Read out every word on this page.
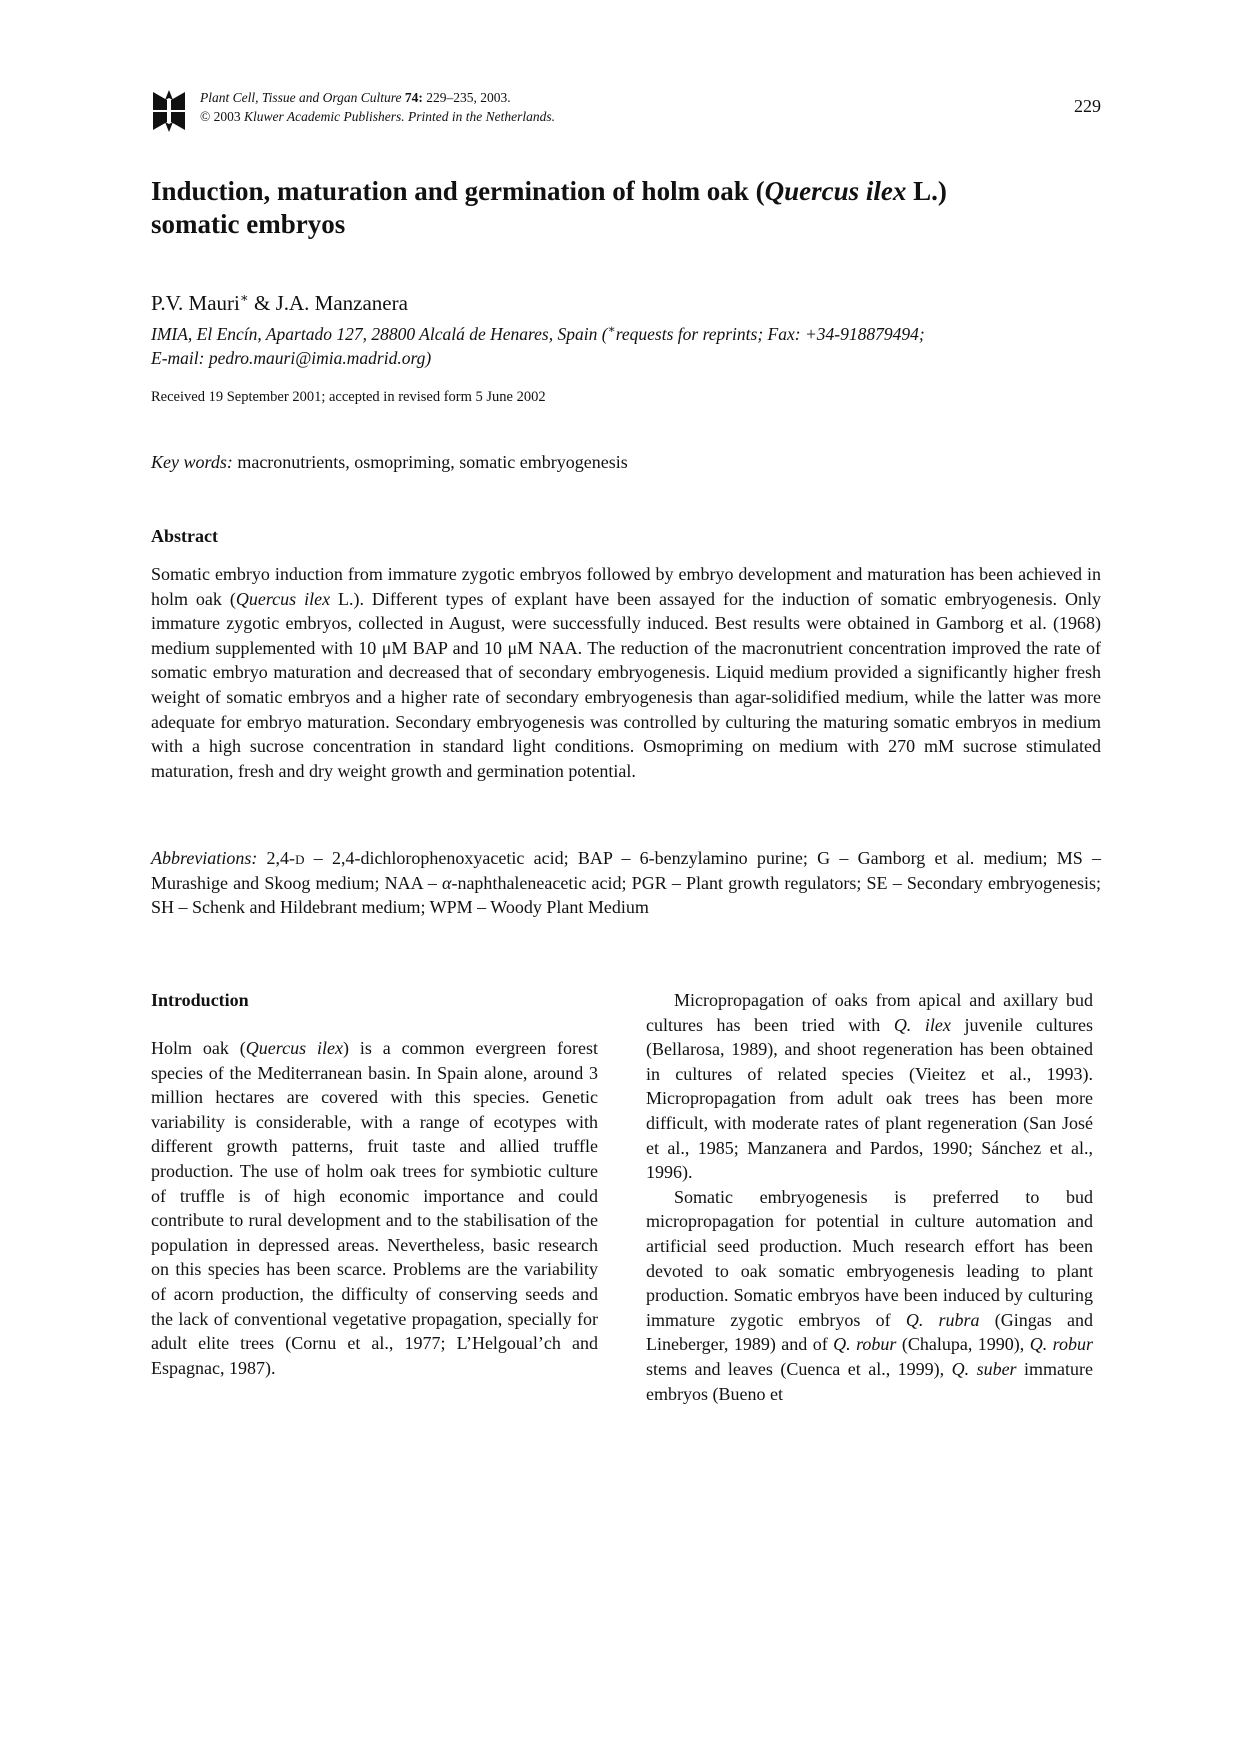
Plant Cell, Tissue and Organ Culture 74: 229–235, 2003.
© 2003 Kluwer Academic Publishers. Printed in the Netherlands.
229
Induction, maturation and germination of holm oak (Quercus ilex L.)
somatic embryos
P.V. Mauri∗ & J.A. Manzanera
IMIA, El Encín, Apartado 127, 28800 Alcalá de Henares, Spain (∗requests for reprints; Fax: +34-918879494;
E-mail: pedro.mauri@imia.madrid.org)
Received 19 September 2001; accepted in revised form 5 June 2002
Key words: macronutrients, osmopriming, somatic embryogenesis
Abstract
Somatic embryo induction from immature zygotic embryos followed by embryo development and maturation has been achieved in holm oak (Quercus ilex L.). Different types of explant have been assayed for the induction of somatic embryogenesis. Only immature zygotic embryos, collected in August, were successfully induced. Best results were obtained in Gamborg et al. (1968) medium supplemented with 10 μM BAP and 10 μM NAA. The reduction of the macronutrient concentration improved the rate of somatic embryo maturation and decreased that of secondary embryogenesis. Liquid medium provided a significantly higher fresh weight of somatic embryos and a higher rate of secondary embryogenesis than agar-solidified medium, while the latter was more adequate for embryo maturation. Secondary embryogenesis was controlled by culturing the maturing somatic embryos in medium with a high sucrose concentration in standard light conditions. Osmopriming on medium with 270 mM sucrose stimulated maturation, fresh and dry weight growth and germination potential.
Abbreviations: 2,4-d – 2,4-dichlorophenoxyacetic acid; BAP – 6-benzylamino purine; G – Gamborg et al. medium; MS – Murashige and Skoog medium; NAA – α-naphthaleneacetic acid; PGR – Plant growth regulators; SE – Secondary embryogenesis; SH – Schenk and Hildebrant medium; WPM – Woody Plant Medium
Introduction

Holm oak (Quercus ilex) is a common evergreen forest species of the Mediterranean basin. In Spain alone, around 3 million hectares are covered with this species. Genetic variability is considerable, with a range of ecotypes with different growth patterns, fruit taste and allied truffle production. The use of holm oak trees for symbiotic culture of truffle is of high economic importance and could contribute to rural development and to the stabilisation of the population in depressed areas. Nevertheless, basic research on this species has been scarce. Problems are the variability of acorn production, the difficulty of conserving seeds and the lack of conventional vegetative propagation, specially for adult elite trees (Cornu et al., 1977; L’Helgoual’ch and Espagnac, 1987).

Micropropagation of oaks from apical and axillary bud cultures has been tried with Q. ilex juvenile cultures (Bellarosa, 1989), and shoot regeneration has been obtained in cultures of related species (Vieitez et al., 1993). Micropropagation from adult oak trees has been more difficult, with moderate rates of plant regeneration (San José et al., 1985; Manzanera and Pardos, 1990; Sánchez et al., 1996).

Somatic embryogenesis is preferred to bud micropropagation for potential in culture automation and artificial seed production. Much research effort has been devoted to oak somatic embryogenesis leading to plant production. Somatic embryos have been induced by culturing immature zygotic embryos of Q. rubra (Gingas and Lineberger, 1989) and of Q. robur (Chalupa, 1990), Q. robur stems and leaves (Cuenca et al., 1999), Q. suber immature embryos (Bueno et
